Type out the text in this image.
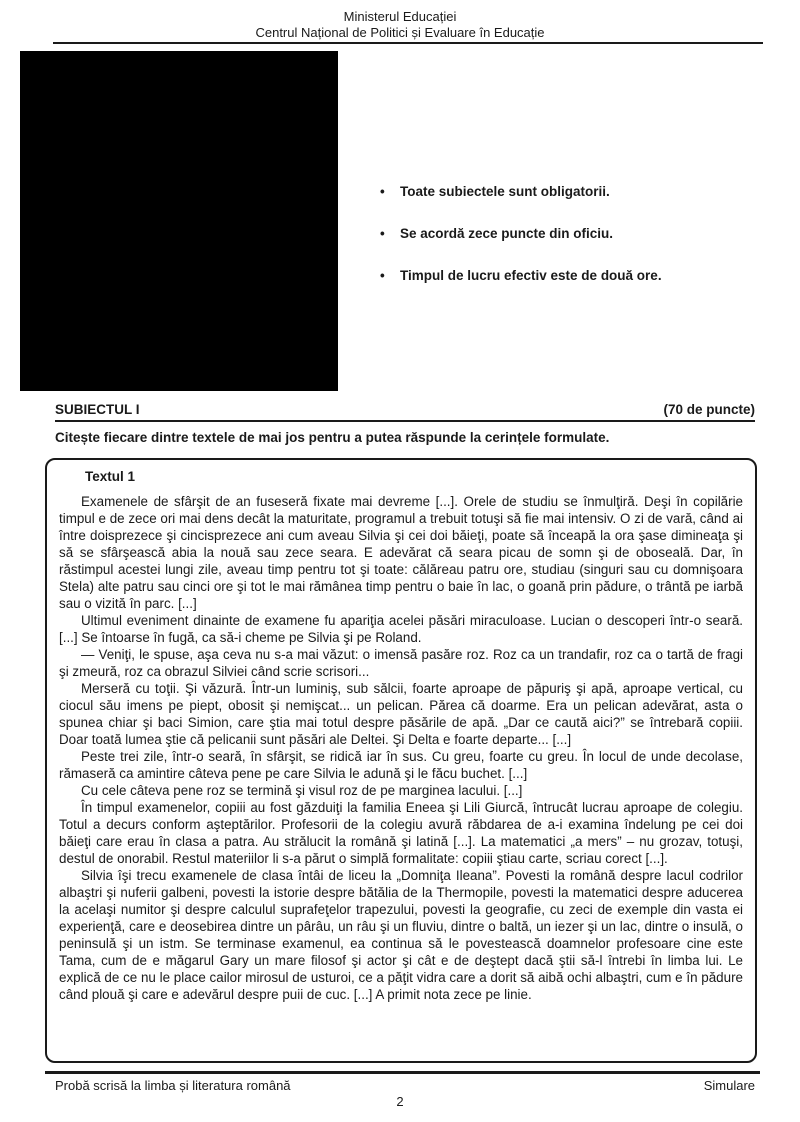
Ministerul Educației
Centrul Național de Politici și Evaluare în Educație
•
Toate subiectele sunt obligatorii.
•
Se acordă zece puncte din oficiu.
•
Timpul de lucru efectiv este de două ore.
SUBIECTUL I	(70 de puncte)
Citește fiecare dintre textele de mai jos pentru a putea răspunde la cerințele formulate.
Textul 1

Examenele de sfârşit de an fuseseră fixate mai devreme [...]. Orele de studiu se înmulţiră. Deşi în copilărie timpul e de zece ori mai dens decât la maturitate, programul a trebuit totuşi să fie mai intensiv. O zi de vară, când ai între doisprezece şi cincisprezece ani cum aveau Silvia şi cei doi băieţi, poate să înceapă la ora şase dimineaţa şi să se sfârşească abia la nouă sau zece seara. E adevărat că seara picau de somn şi de oboseală. Dar, în răstimpul acestei lungi zile, aveau timp pentru tot şi toate: călăreau patru ore, studiau (singuri sau cu domnişoara Stela) alte patru sau cinci ore şi tot le mai rămânea timp pentru o baie în lac, o goană prin pădure, o trântă pe iarbă sau o vizită în parc. [...]

Ultimul eveniment dinainte de examene fu apariţia acelei păsări miraculoase. Lucian o descoperi într-o seară. [...] Se întoarse în fugă, ca să-i cheme pe Silvia şi pe Roland.

— Veniţi, le spuse, aşa ceva nu s-a mai văzut: o imensă pasăre roz. Roz ca un trandafir, roz ca o tartă de fragi şi zmeură, roz ca obrazul Silviei când scrie scrisori...

Merseră cu toţii. Şi văzură. Într-un luminiş, sub sălcii, foarte aproape de păpuriş şi apă, aproape vertical, cu ciocul său imens pe piept, obosit şi nemişcat... un pelican. Părea că doarme. Era un pelican adevărat, asta o spunea chiar şi baci Simion, care ştia mai totul despre păsările de apă. „Dar ce caută aici?” se întrebară copiii. Doar toată lumea ştie că pelicanii sunt păsări ale Deltei. Şi Delta e foarte departe... [...]

Peste trei zile, într-o seară, în sfârşit, se ridică iar în sus. Cu greu, foarte cu greu. În locul de unde decolase, rămaseră ca amintire câteva pene pe care Silvia le adună şi le făcu buchet. [...]

Cu cele câteva pene roz se termină şi visul roz de pe marginea lacului. [...]

În timpul examenelor, copiii au fost găzduiţi la familia Eneea şi Lili Giurcă, întrucât lucrau aproape de colegiu. Totul a decurs conform aşteptărilor. Profesorii de la colegiu avură răbdarea de a-i examina îndelung pe cei doi băieţi care erau în clasa a patra. Au strălucit la română şi latină [...]. La matematici „a mers” – nu grozav, totuşi, destul de onorabil. Restul materiilor li s-a părut o simplă formalitate: copiii ştiau carte, scriau corect [...].

Silvia îşi trecu examenele de clasa întâi de liceu la „Domniţa Ileana”. Povesti la română despre lacul codrilor albaştri şi nuferii galbeni, povesti la istorie despre bătălia de la Thermopile, povesti la matematici despre aducerea la acelaşi numitor şi despre calculul suprafeţelor trapezului, povesti la geografie, cu zeci de exemple din vasta ei experienţă, care e deosebirea dintre un pârâu, un râu şi un fluviu, dintre o baltă, un iezer şi un lac, dintre o insulă, o peninsulă şi un istm. Se terminase examenul, ea continua să le povestească doamnelor profesoare cine este Tama, cum de e măgarul Gary un mare filosof şi actor şi cât e de deştept dacă ştii să-l întrebi în limba lui. Le explică de ce nu le place cailor mirosul de usturoi, ce a păţit vidra care a dorit să aibă ochi albaştri, cum e în pădure când plouă şi care e adevărul despre puii de cuc. [...] A primit nota zece pe linie.

Probă scrisă la limba și literatura română	Simulare
2
